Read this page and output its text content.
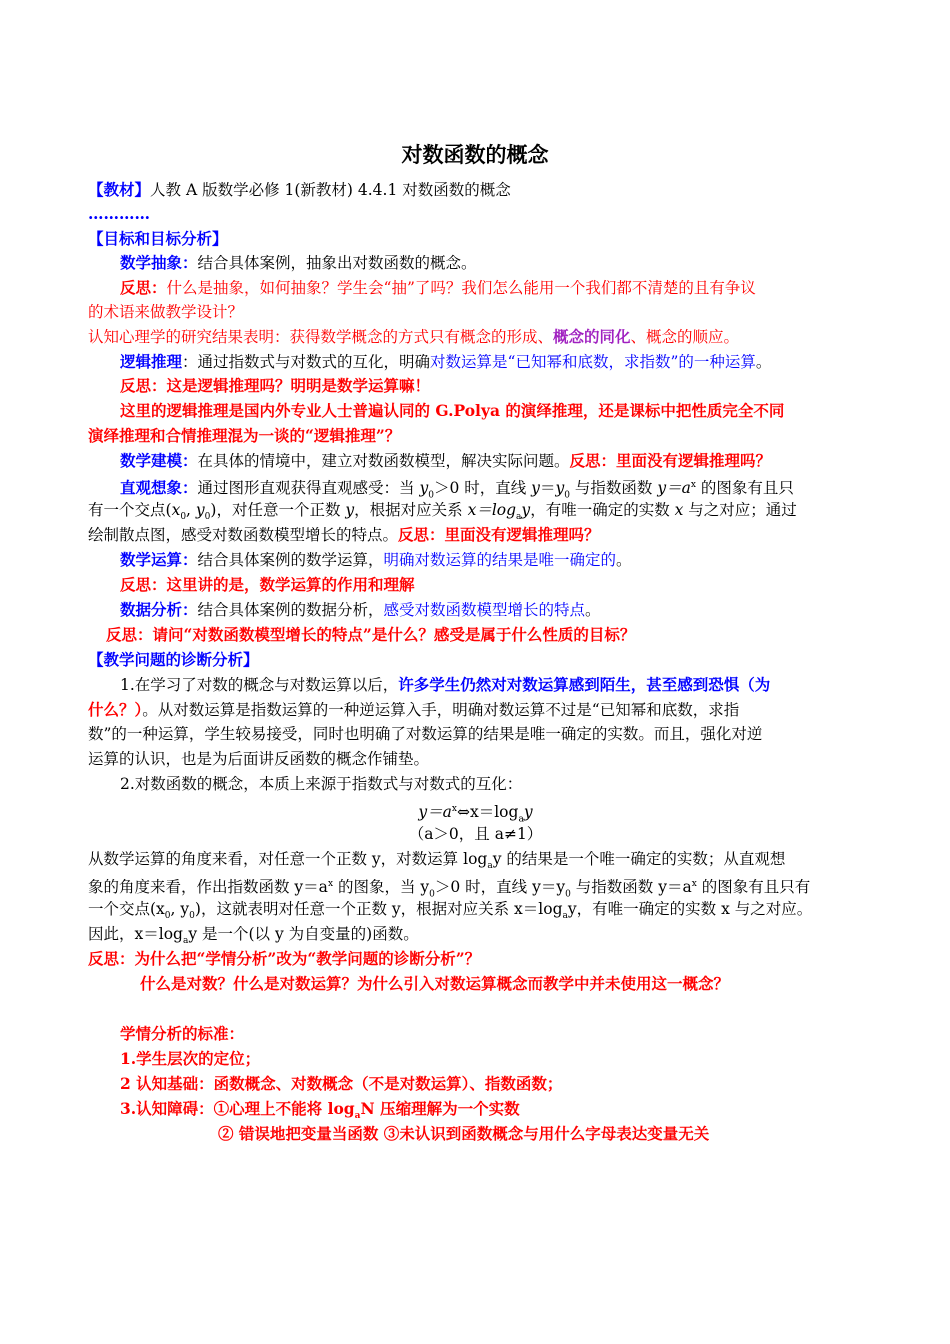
对数函数的概念
【教材】人教 A 版数学必修 1(新教材) 4.4.1 对数函数的概念
…………
【目标和目标分析】
数学抽象：结合具体案例，抽象出对数函数的概念。
反思：什么是抽象，如何抽象？学生会“抽”了吗？我们怎么能用一个我们都不清楚的且有争议
的术语来做教学设计？
认知心理学的研究结果表明：获得数学概念的方式只有概念的形成、概念的同化、概念的顺应。
逻辑推理：通过指数式与对数式的互化，明确对数运算是“已知幂和底数，求指数”的一种运算。
反思：这是逻辑推理吗？明明是数学运算嘛！
这里的逻辑推理是国内外专业人士普遍认同的 G.Polya 的演绎推理，还是课标中把性质完全不同
演绎推理和合情推理混为一谈的“逻辑推理”？
数学建模：在具体的情境中，建立对数函数模型，解决实际问题。反思：里面没有逻辑推理吗？
直观想象：通过图形直观获得直观感受：当 $y_0>0$ 时，直线 $y=y_0$ 与指数函数 $y=a^x$ 的图象有且只
有一个交点($x_0$, $y_0$)，对任意一个正数 y，根据对应关系 $x=\log_ay$，有唯一确定的实数 x 与之对应；通过
绘制散点图，感受对数函数模型增长的特点。反思：里面没有逻辑推理吗？
数学运算：结合具体案例的数学运算，明确对数运算的结果是唯一确定的。
反思：这里讲的是，数学运算的作用和理解
数据分析：结合具体案例的数据分析，感受对数函数模型增长的特点。
反思：请问“对数函数模型增长的特点”是什么？感受是属于什么性质的目标？
【教学问题的诊断分析】
1.在学习了对数的概念与对数运算以后，许多学生仍然对对数运算感到陌生，甚至感到恐惧（为
什么？）。从对数运算是指数运算的一种逆运算入手，明确对数运算不过是“已知幂和底数，求指
数”的一种运算，学生较易接受，同时也明确了对数运算的结果是唯一确定的实数。而且，强化对逆
运算的认识，也是为后面讲反函数的概念作铺垫。
2.对数函数的概念，本质上来源于指数式与对数式的互化：
$y=a^x\Leftrightarrow x=\log_ay$
（a＞0，且 a≠1）
从数学运算的角度来看，对任意一个正数 y，对数运算 $\log_ay$ 的结果是一个唯一确定的实数；从直观想
象的角度来看，作出指数函数 $y=a^x$ 的图象，当 $y_0>0$ 时，直线 $y=y_0$ 与指数函数 $y=a^x$ 的图象有且只有
一个交点($x_0$, $y_0$)，这就表明对任意一个正数 y，根据对应关系 $x=\log_ay$，有唯一确定的实数 x 与之对应。
因此，$x=\log_ay$ 是一个(以 y 为自变量的)函数。
反思：为什么把“学情分析”改为“教学问题的诊断分析”？
什么是对数？什么是对数运算？为什么引入对数运算概念而教学中并未使用这一概念？
学情分析的标准：
1.学生层次的定位；
2 认知基础：函数概念、对数概念（不是对数运算）、指数函数；
3.认知障碍：①心理上不能将 $\log_aN$ 压缩理解为一个实数
② 错误地把变量当函数 ③未认识到函数概念与用什么字母表达变量无关
